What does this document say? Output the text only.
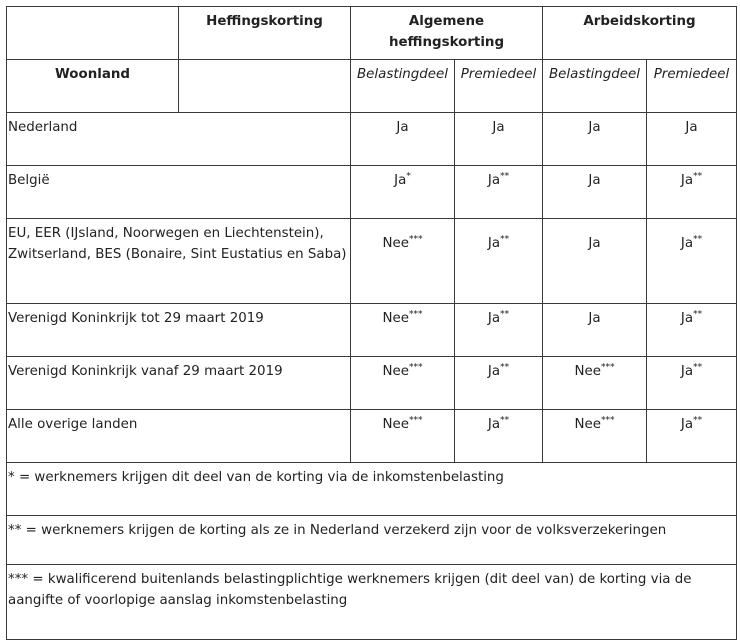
	Heffingskorting	Algemene heffingskorting		Arbeidskorting	
Woonland		Belastingdeel	Premiedeel	Belastingdeel	Premiedeel
Nederland		Ja	Ja	Ja	Ja
België		Ja*	Ja**	Ja	Ja**
EU, EER (IJsland, Noorwegen en Liechtenstein), Zwitserland, BES (Bonaire, Sint Eustatius en Saba)		Nee***	Ja**	Ja	Ja**
Verenigd Koninkrijk tot 29 maart 2019		Nee***	Ja**	Ja	Ja**
Verenigd Koninkrijk vanaf 29 maart 2019		Nee***	Ja**	Nee***	Ja**
Alle overige landen		Nee***	Ja**	Nee***	Ja**
* = werknemers krijgen dit deel van de korting via de inkomstenbelasting					
** = werknemers krijgen de korting als ze in Nederland verzekerd zijn voor de volksverzekeringen					
*** = kwalificerend buitenlands belastingplichtige werknemers krijgen (dit deel van) de korting via de aangifte of voorlopige aanslag inkomstenbelasting					
